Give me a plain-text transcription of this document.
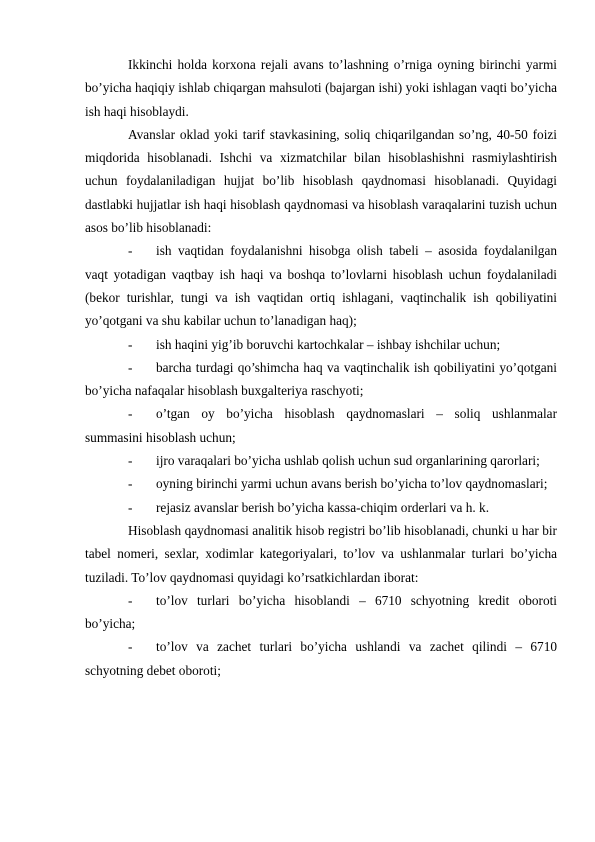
Ikkinchi holda korxona rejali avans to’lashning o’rniga oyning birinchi yarmi bo’yicha haqiqiy ishlab chiqargan mahsuloti (bajargan ishi) yoki ishlagan vaqti bo’yicha ish haqi hisoblaydi.

Avanslar oklad yoki tarif stavkasining, soliq chiqarilgandan so’ng, 40-50 foizi miqdorida hisoblanadi. Ishchi va xizmatchilar bilan hisoblashishni rasmiylashtirish uchun foydalaniladigan hujjat bo’lib hisoblash qaydnomasi hisoblanadi. Quyidagi dastlabki hujjatlar ish haqi hisoblash qaydnomasi va hisoblash varaqalarini tuzish uchun asos bo’lib hisoblanadi:

- ish vaqtidan foydalanishni hisobga olish tabeli – asosida foydalanilgan vaqt yotadigan vaqtbay ish haqi va boshqa to’lovlarni hisoblash uchun foydalaniladi (bekor turishlar, tungi va ish vaqtidan ortiq ishlagani, vaqtinchalik ish qobiliyatini yo’qotgani va shu kabilar uchun to’lanadigan haq);

- ish haqini yig’ib boruvchi kartochkalar – ishbay ishchilar uchun;

- barcha turdagi qo’shimcha haq va vaqtinchalik ish qobiliyatini yo’qotgani bo’yicha nafaqalar hisoblash buxgalteriya raschyoti;

- o’tgan oy bo’yicha hisoblash qaydnomaslari – soliq ushlanmalar summasini hisoblash uchun;

- ijro varaqalari bo’yicha ushlab qolish uchun sud organlarining qarorlari;

- oyning birinchi yarmi uchun avans berish bo’yicha to’lov qaydnomaslari;

- rejasiz avanslar berish bo’yicha kassa-chiqim orderlari va h. k.

Hisoblash qaydnomasi analitik hisob registri bo’lib hisoblanadi, chunki u har bir tabel nomeri, sexlar, xodimlar kategoriyalari, to’lov va ushlanmalar turlari bo’yicha tuziladi. To’lov qaydnomasi quyidagi ko’rsatkichlardan iborat:

- to’lov turlari bo’yicha hisoblandi – 6710 schyotning kredit oboroti bo’yicha;

- to’lov va zachet turlari bo’yicha ushlandi va zachet qilindi – 6710 schyotning debet oboroti;
